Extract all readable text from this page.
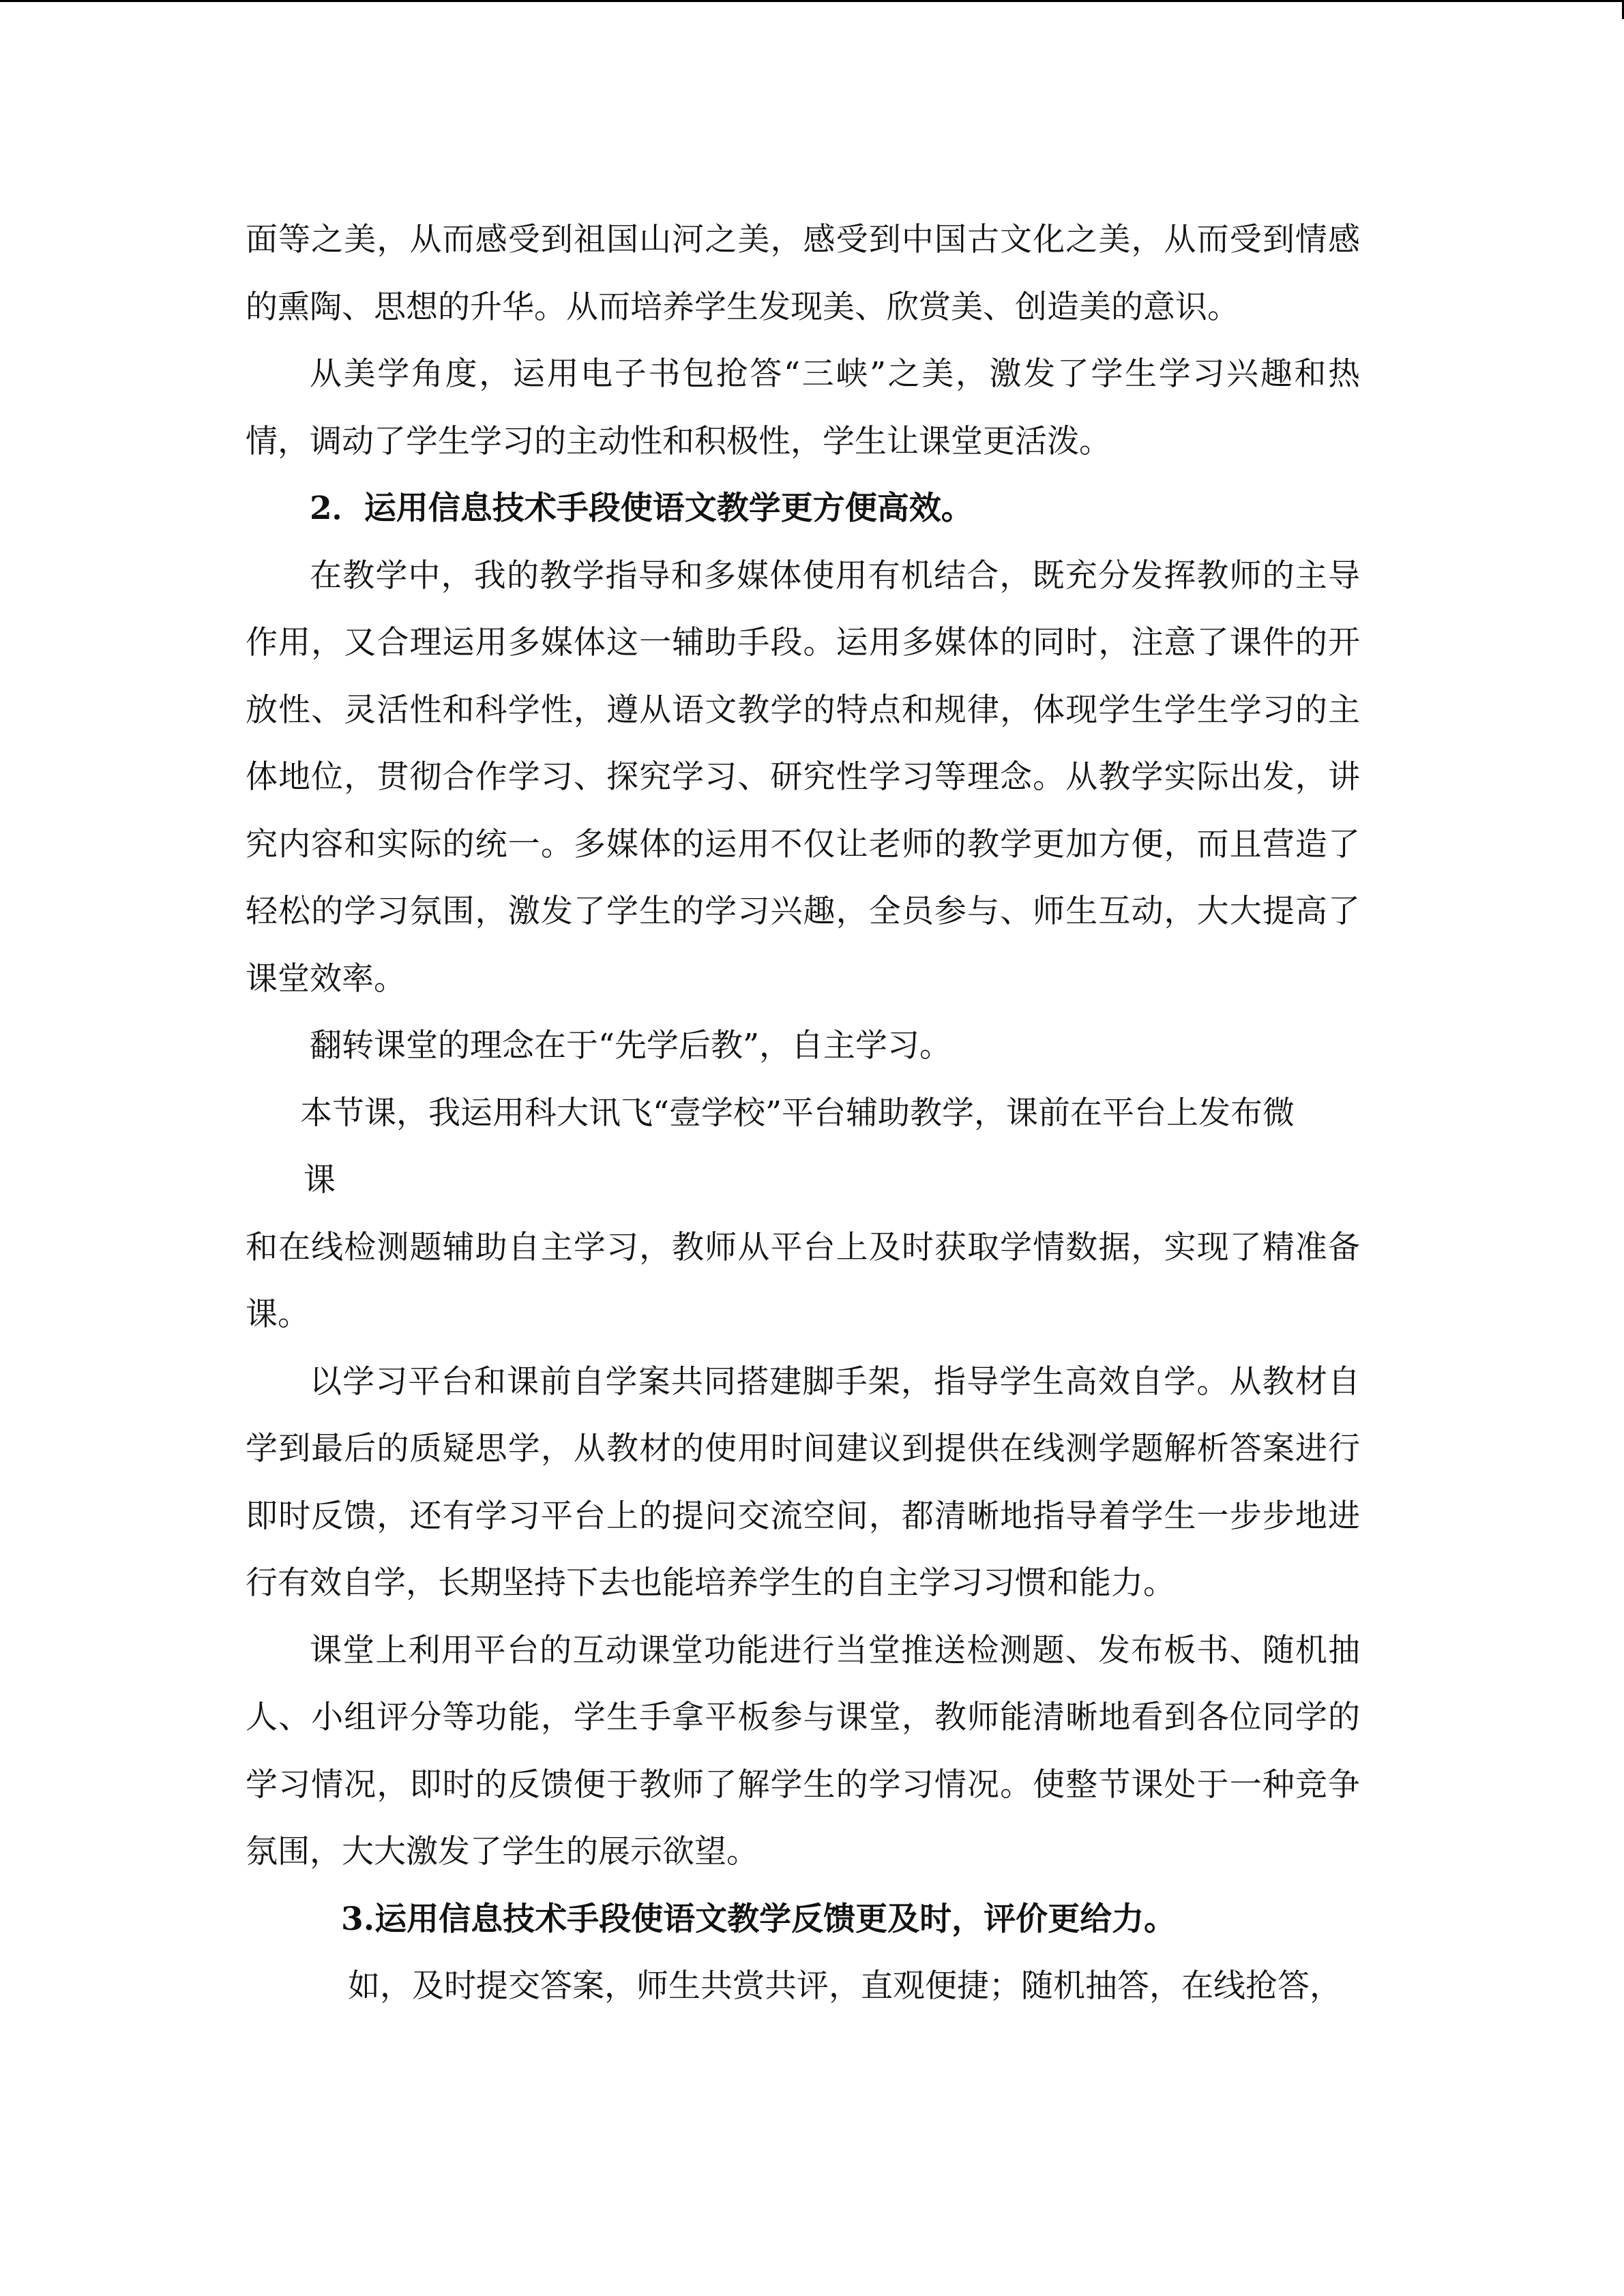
面等之美，从而感受到祖国山河之美，感受到中国古文化之美，从而受到情感的熏陶、思想的升华。从而培养学生发现美、欣赏美、创造美的意识。

从美学角度，运用电子书包抢答“三峡”之美，激发了学生学习兴趣和热情，调动了学生学习的主动性和积极性，学生让课堂更活泼。

2．运用信息技术手段使语文教学更方便高效。

在教学中，我的教学指导和多媒体使用有机结合，既充分发挥教师的主导作用，又合理运用多媒体这一辅助手段。运用多媒体的同时，注意了课件的开放性、灵活性和科学性，遵从语文教学的特点和规律，体现学生学生学习的主体地位，贯彻合作学习、探究学习、研究性学习等理念。从教学实际出发，讲究内容和实际的统一。多媒体的运用不仅让老师的教学更加方便，而且营造了轻松的学习氛围，激发了学生的学习兴趣，全员参与、师生互动，大大提高了课堂效率。

翻转课堂的理念在于“先学后教”，自主学习。

本节课，我运用科大讯飞“壹学校”平台辅助教学，课前在平台上发布微

课

和在线检测题辅助自主学习，教师从平台上及时获取学情数据，实现了精准备课。

以学习平台和课前自学案共同搭建脚手架，指导学生高效自学。从教材自学到最后的质疑思学，从教材的使用时间建议到提供在线测学题解析答案进行即时反馈，还有学习平台上的提问交流空间，都清晰地指导着学生一步步地进行有效自学，长期坚持下去也能培养学生的自主学习习惯和能力。

课堂上利用平台的互动课堂功能进行当堂推送检测题、发布板书、随机抽人、小组评分等功能，学生手拿平板参与课堂，教师能清晰地看到各位同学的学习情况，即时的反馈便于教师了解学生的学习情况。使整节课处于一种竞争氛围，大大激发了学生的展示欲望。

3.运用信息技术手段使语文教学反馈更及时，评价更给力。

如，及时提交答案，师生共赏共评，直观便捷；随机抽答，在线抢答，
